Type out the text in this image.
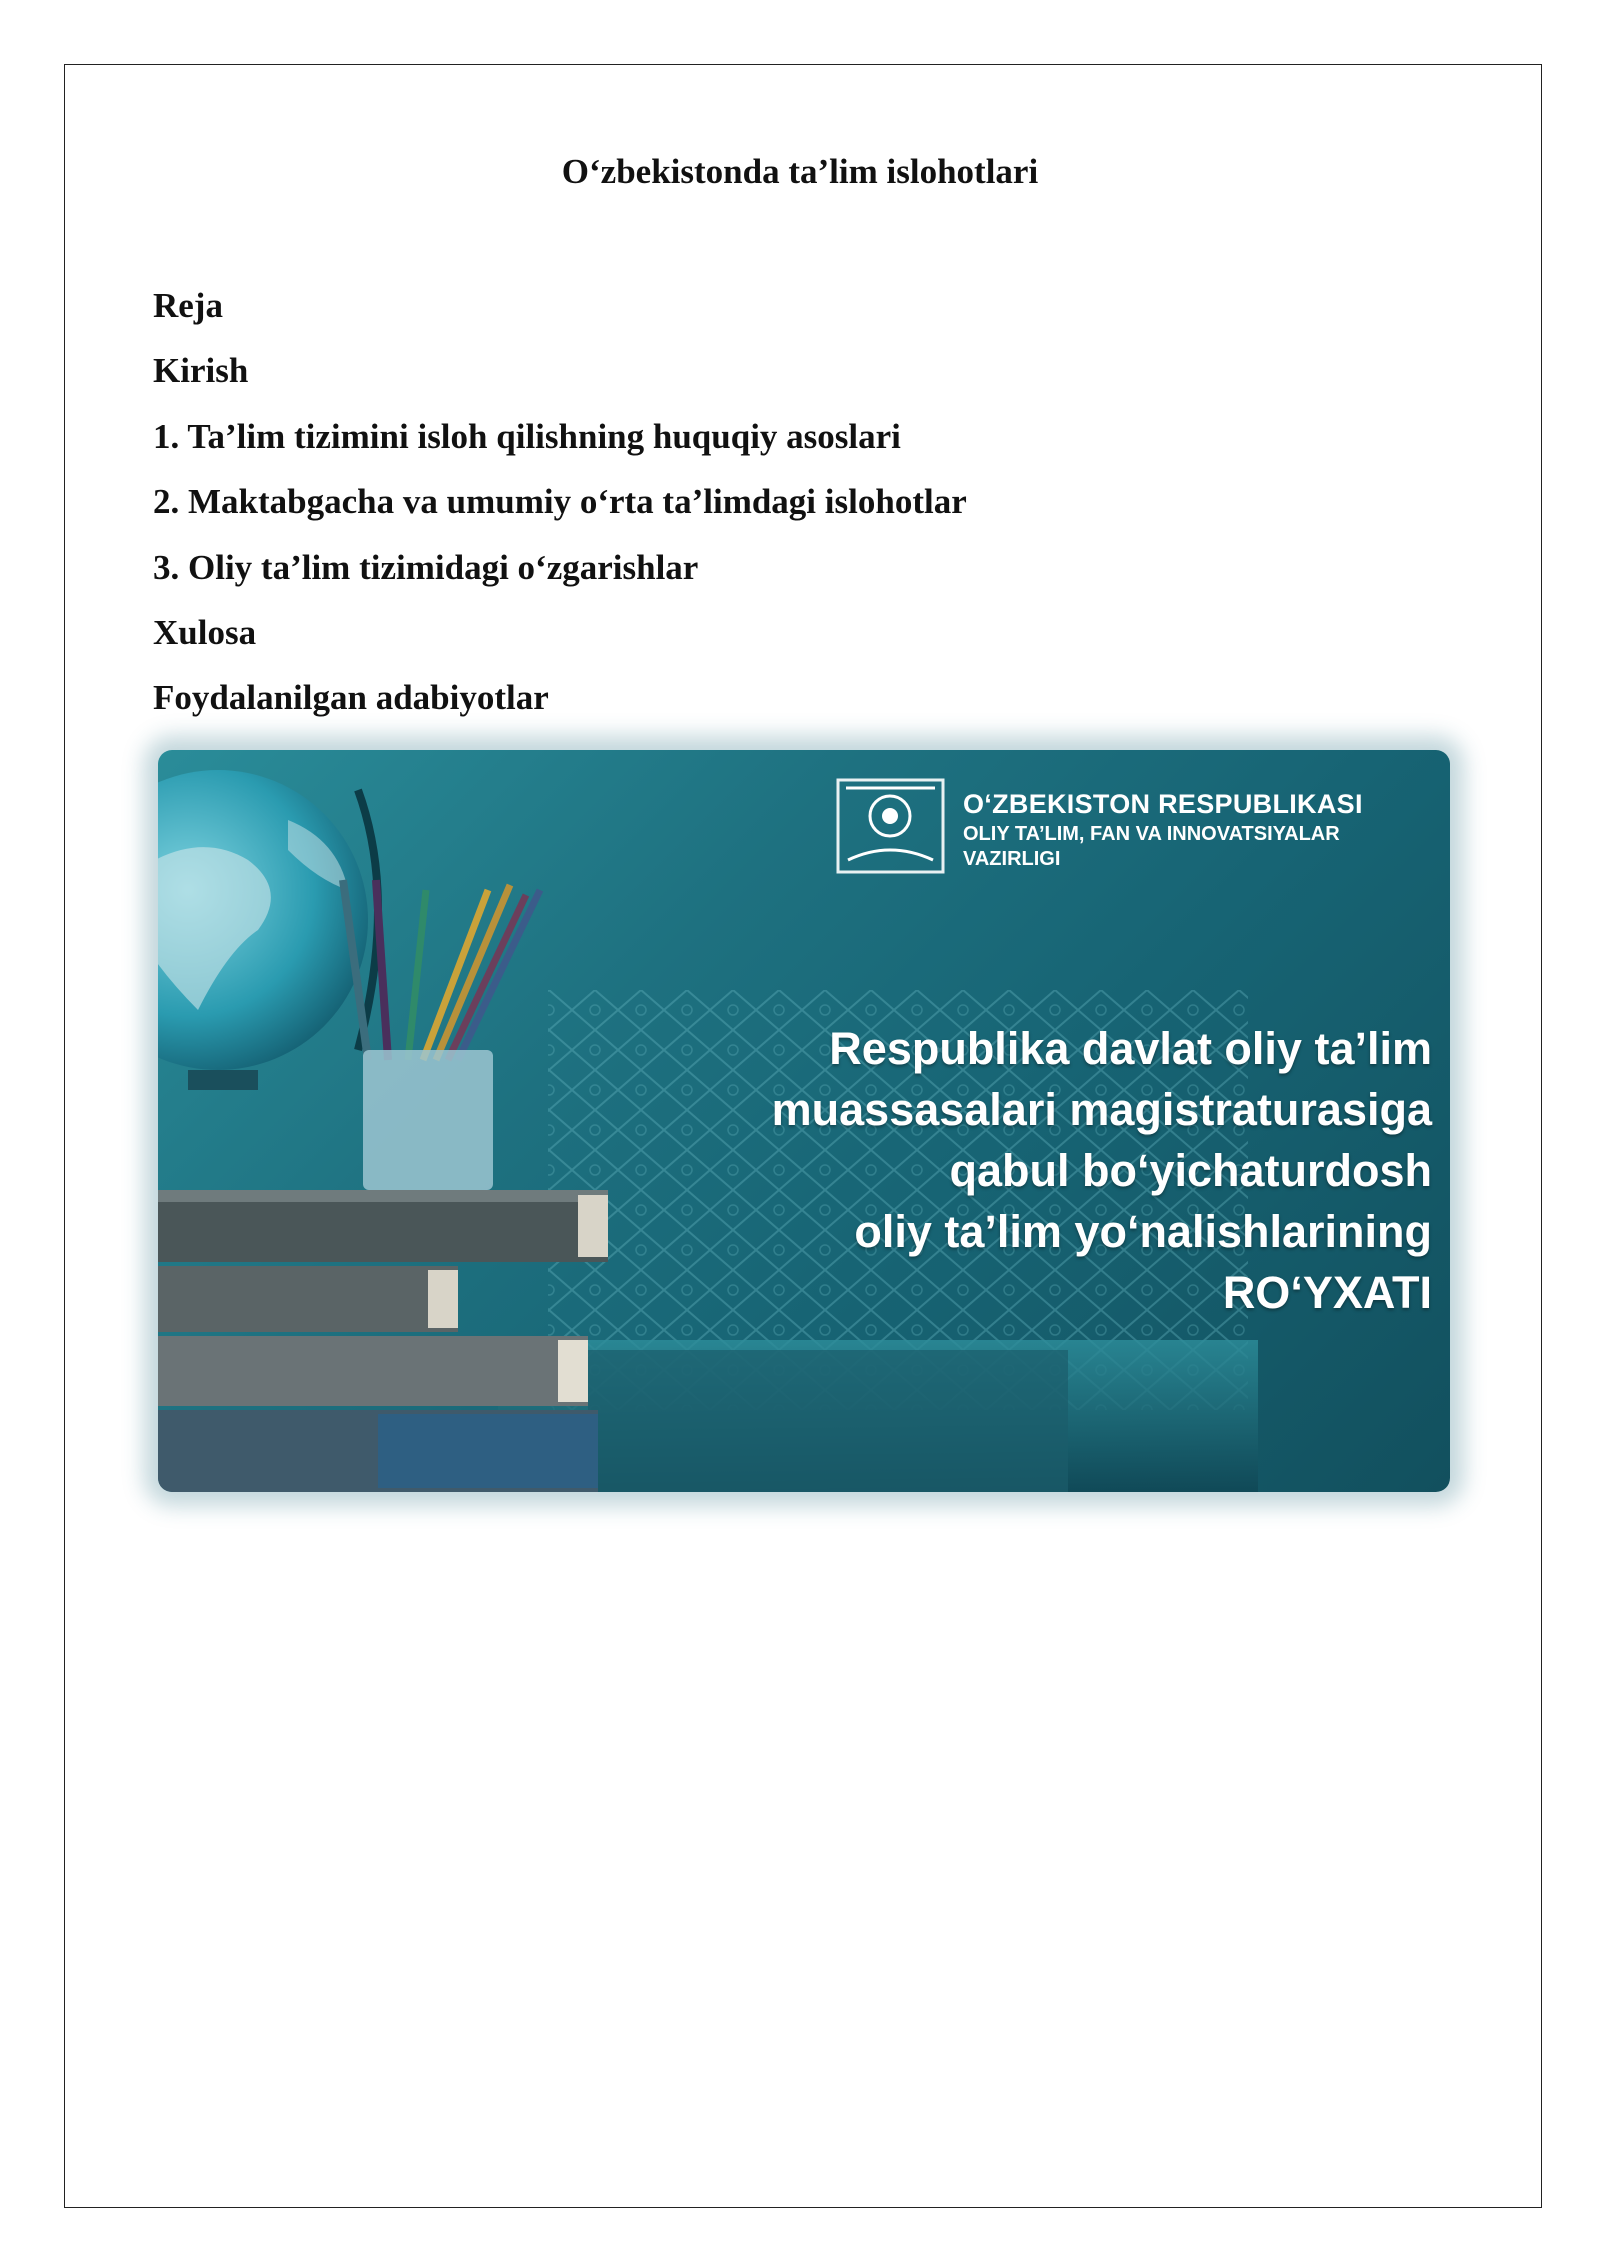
O‘zbekistonda ta’lim islohotlari
Reja
Kirish
1. Ta’lim tizimini isloh qilishning huquqiy asoslari
2. Maktabgacha va umumiy o‘rta ta’limdagi islohotlar
3. Oliy ta’lim tizimidagi o‘zgarishlar
Xulosa
Foydalanilgan adabiyotlar
O‘ZBEKISTON RESPUBLIKASI
OLIY TA’LIM, FAN VA INNOVATSIYALAR
VAZIRLIGI
Respublika davlat oliy ta’lim
muassasalari magistraturasiga
qabul bo‘yichaturdosh
oliy ta’lim yo‘nalishlarining
RO‘YXATI
